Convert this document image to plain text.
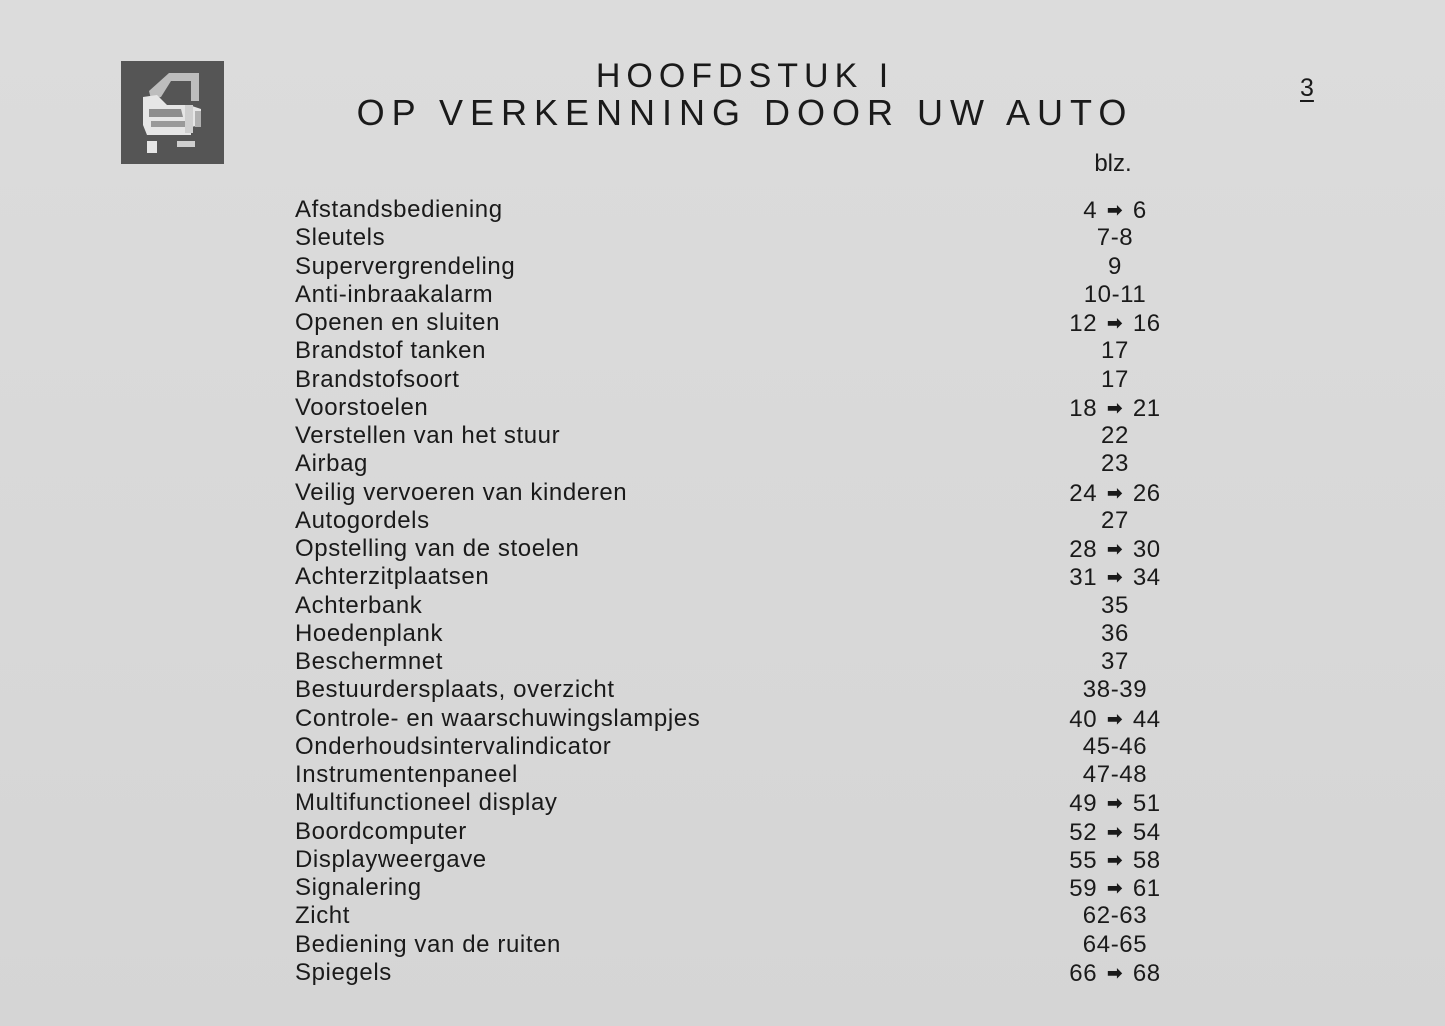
HOOFDSTUK I
OP VERKENNING DOOR UW AUTO
3
blz.
Afstandsbediening	4 ➡ 6
Sleutels	7-8
Supervergrendeling	9
Anti-inbraakalarm	10-11
Openen en sluiten	12 ➡ 16
Brandstof tanken	17
Brandstofsoort	17
Voorstoelen	18 ➡ 21
Verstellen van het stuur	22
Airbag	23
Veilig vervoeren van kinderen	24 ➡ 26
Autogordels	27
Opstelling van de stoelen	28 ➡ 30
Achterzitplaatsen	31 ➡ 34
Achterbank	35
Hoedenplank	36
Beschermnet	37
Bestuurdersplaats, overzicht	38-39
Controle- en waarschuwingslampjes	40 ➡ 44
Onderhoudsintervalindicator	45-46
Instrumentenpaneel	47-48
Multifunctioneel display	49 ➡ 51
Boordcomputer	52 ➡ 54
Displayweergave	55 ➡ 58
Signalering	59 ➡ 61
Zicht	62-63
Bediening van de ruiten	64-65
Spiegels	66 ➡ 68
